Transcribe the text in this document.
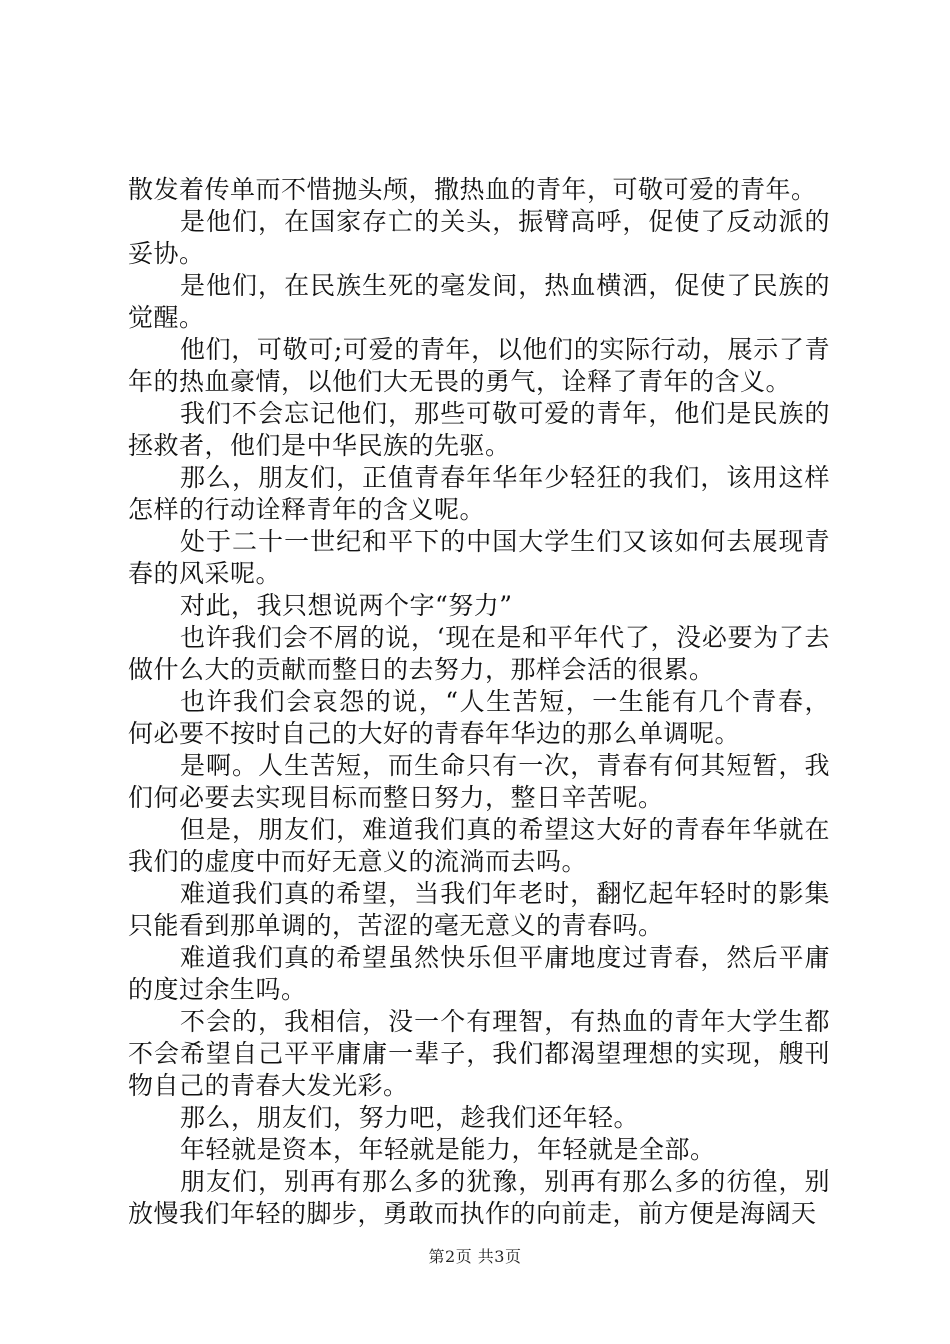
散发着传单而不惜抛头颅，撒热血的青年，可敬可爱的青年。

是他们，在国家存亡的关头，振臂高呼，促使了反动派的妥协。

是他们，在民族生死的毫发间，热血横洒，促使了民族的觉醒。

他们，可敬可;可爱的青年，以他们的实际行动，展示了青年的热血豪情，以他们大无畏的勇气，诠释了青年的含义。

我们不会忘记他们，那些可敬可爱的青年，他们是民族的拯救者，他们是中华民族的先驱。

那么，朋友们，正值青春年华年少轻狂的我们，该用这样怎样的行动诠释青年的含义呢。

处于二十一世纪和平下的中国大学生们又该如何去展现青春的风采呢。

对此，我只想说两个字“努力”

也许我们会不屑的说，‘现在是和平年代了，没必要为了去做什么大的贡献而整日的去努力，那样会活的很累。

也许我们会哀怨的说，“人生苦短，一生能有几个青春，何必要不按时自己的大好的青春年华边的那么单调呢。

是啊。人生苦短，而生命只有一次，青春有何其短暂，我们何必要去实现目标而整日努力，整日辛苦呢。

但是，朋友们，难道我们真的希望这大好的青春年华就在我们的虚度中而好无意义的流淌而去吗。

难道我们真的希望，当我们年老时，翻忆起年轻时的影集只能看到那单调的，苦涩的毫无意义的青春吗。

难道我们真的希望虽然快乐但平庸地度过青春，然后平庸的度过余生吗。

不会的，我相信，没一个有理智，有热血的青年大学生都不会希望自己平平庸庸一辈子，我们都渴望理想的实现，艘刊物自己的青春大发光彩。

那么，朋友们，努力吧，趁我们还年轻。

年轻就是资本，年轻就是能力，年轻就是全部。

朋友们，别再有那么多的犹豫，别再有那么多的彷徨，别放慢我们年轻的脚步，勇敢而执作的向前走，前方便是海阔天

第2页 共3页
